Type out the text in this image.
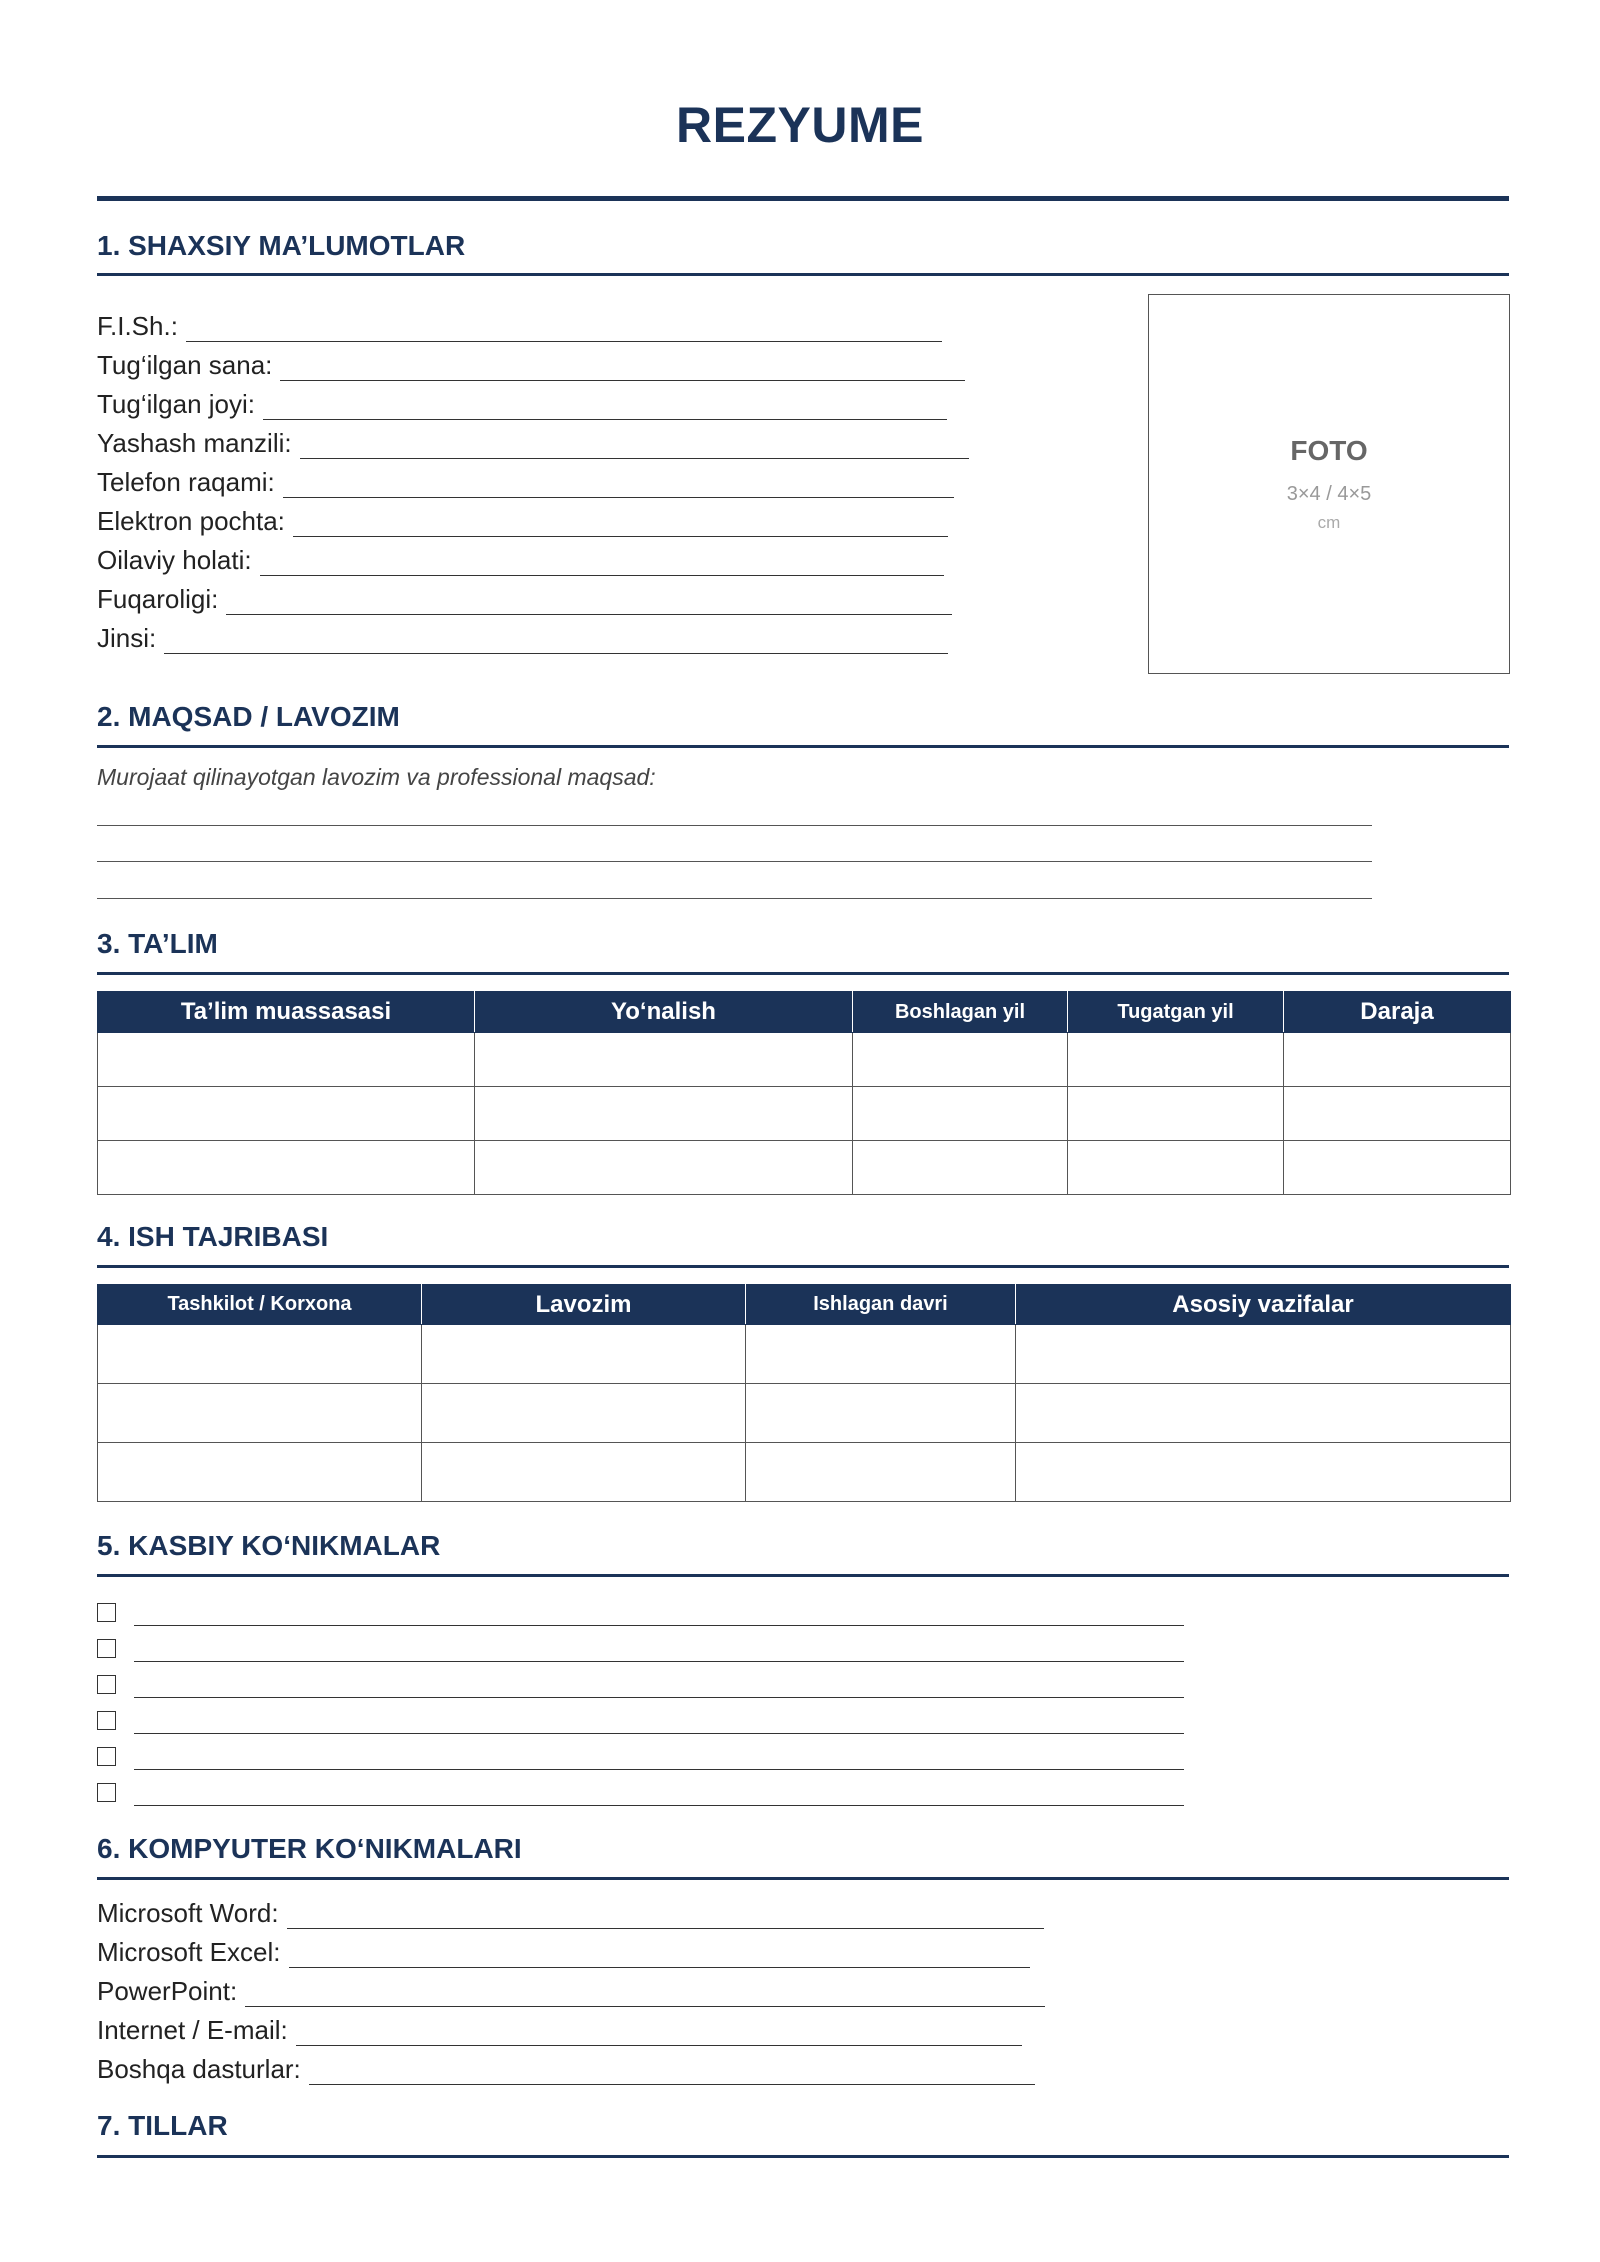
REZYUME
1. SHAXSIY MA’LUMOTLAR
F.I.Sh.:
Tug‘ilgan sana:
Tug‘ilgan joyi:
Yashash manzili:
Telefon raqami:
Elektron pochta:
Oilaviy holati:
Fuqaroligi:
Jinsi:
FOTO
3×4 / 4×5
cm
2. MAQSAD / LAVOZIM
Murojaat qilinayotgan lavozim va professional maqsad:
3. TA’LIM
Ta’lim muassasasi	Yo‘nalish	Boshlagan yil	Tugatgan yil	Daraja

4. ISH TAJRIBASI
Tashkilot / Korxona	Lavozim	Ishlagan davri	Asosiy vazifalar

5. KASBIY KO‘NIKMALAR
6. KOMPYUTER KO‘NIKMALARI
Microsoft Word:
Microsoft Excel:
PowerPoint:
Internet / E-mail:
Boshqa dasturlar:
7. TILLAR
